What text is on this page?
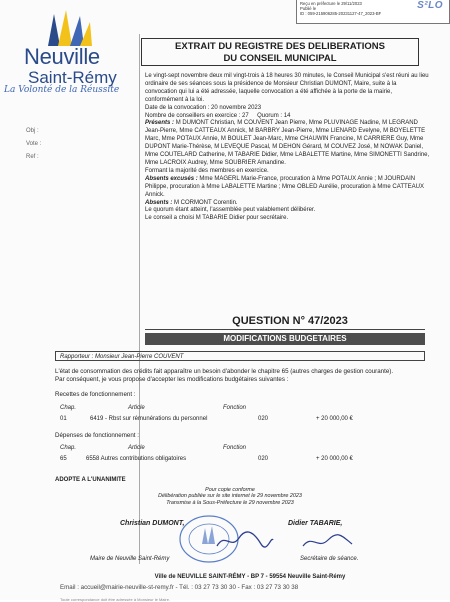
Reçu en préfecture le 29/11/2023
Publié le
ID : 059-215906285-20231127-47_2023-BF
S²LO
Neuville
Saint-Rémy
La Volonté de la Réussite
Obj :
Vote :
Ref :
EXTRAIT DU REGISTRE DES DELIBERATIONS
DU CONSEIL MUNICIPAL

Le vingt-sept novembre deux mil vingt-trois à 18 heures 30 minutes, le Conseil Municipal s'est réuni au lieu ordinaire de ses séances sous la présidence de Monsieur Christian DUMONT, Maire, suite à la convocation qui lui a été adressée, laquelle convocation a été affichée à la porte de la mairie, conformément à la loi.

Date de la convocation : 20 novembre 2023

Nombre de conseillers en exercice : 27 Quorum : 14

Présents : M DUMONT Christian, M COUVENT Jean Pierre, Mme PLUVINAGE Nadine, M LEGRAND Jean-Pierre, Mme CATTEAUX Annick, M BARBRY Jean-Pierre, Mme LIENARD Evelyne, M BOYELETTE Marc, Mme POTAUX Annie, M BOULET Jean-Marc, Mme CHAUWIN Francine, M CARRIERE Guy, Mme DUPONT Marie-Thérèse, M LEVEQUE Pascal, M DEHON Gérard, M COUVEZ José, M NOWAK Daniel, Mme COUTELARD Catherine, M TABARIE Didier, Mme LABALETTE Martine, Mme SIMONETTI Sandrine, Mme LACROIX Audrey, Mme SOUBRIER Amandine.

Formant la majorité des membres en exercice.

Absents excusés : Mme MAGERL Marie-France, procuration à Mme POTAUX Annie ; M JOURDAIN Philippe, procuration à Mme LABALETTE Martine ; Mme OBLED Aurélie, procuration à Mme CATTEAUX Annick.

Absents : M CORMONT Corentin.

Le quorum étant atteint, l'assemblée peut valablement délibérer.

Le conseil a choisi M TABARIE Didier pour secrétaire.

QUESTION N° 47/2023
MODIFICATIONS BUDGETAIRES
Rapporteur : Monsieur Jean-Pierre COUVENT
L'état de consommation des crédits fait apparaître un besoin d'abonder le chapitre 65 (autres charges de gestion courante).
Par conséquent, je vous propose d'accepter les modifications budgétaires suivantes :
Recettes de fonctionnement :
Chap.	Article	Fonction
01	6419 - Rbst sur rémunérations du personnel	020	+ 20 000,00 €
Dépenses de fonctionnement :
Chap.	Article	Fonction
65	6558 Autres contributions obligatoires	020	+ 20 000,00 €
ADOPTE A L'UNANIMITE
Pour copie conforme
Délibération publiée sur le site internet le 29 novembre 2023
Transmise à la Sous-Préfecture le 29 novembre 2023
Christian DUMONT,	Didier TABARIE,
Maire de Neuville Saint-Rémy	Secrétaire de séance.
Ville de NEUVILLE SAINT-RÉMY - BP 7 - 59554 Neuville Saint-Rémy
Email : accueil@mairie-neuville-st-remy.fr - Tél. : 03 27 73 30 30 - Fax : 03 27 73 30 38
Toute correspondance doit être adressée à Monsieur le Maire.
